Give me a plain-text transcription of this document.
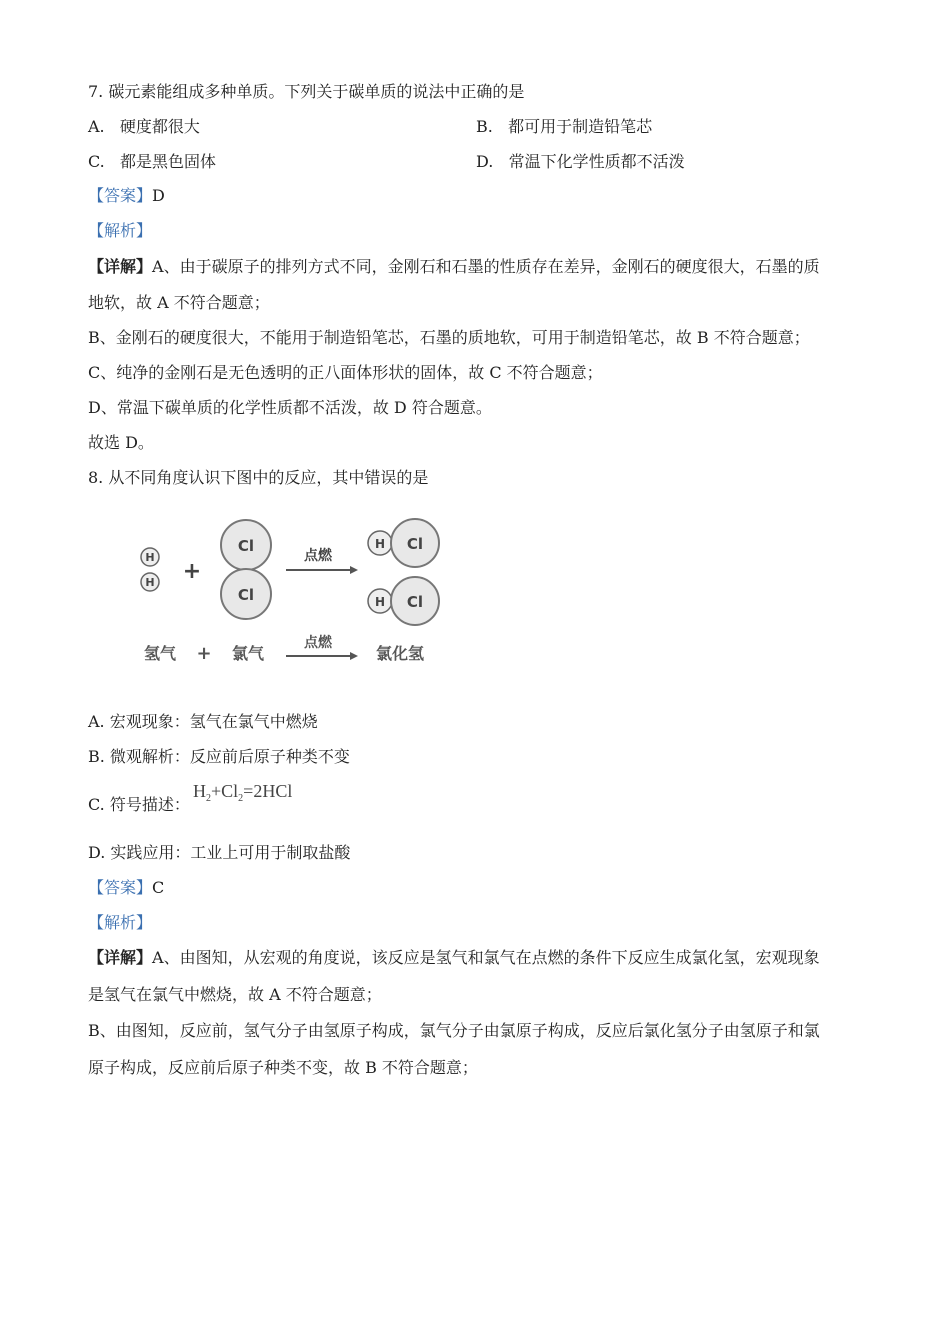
7. 碳元素能组成多种单质。下列关于碳单质的说法中正确的是
A. 硬度都很大	B. 都可用于制造铅笔芯
C. 都是黑色固体	D. 常温下化学性质都不活泼
【答案】D
【解析】
【详解】A、由于碳原子的排列方式不同，金刚石和石墨的性质存在差异，金刚石的硬度很大，石墨的质
地软，故 A 不符合题意；
B、金刚石的硬度很大，不能用于制造铅笔芯，石墨的质地软，可用于制造铅笔芯，故 B 不符合题意；
C、纯净的金刚石是无色透明的正八面体形状的固体，故 C 不符合题意；
D、常温下碳单质的化学性质都不活泼，故 D 符合题意。
故选 D。
8. 从不同角度认识下图中的反应，其中错误的是
H
H +
Cl
Cl
点燃
H Cl
H Cl
氢气 + 氯气
点燃
氯化氢
A. 宏观现象：氢气在氯气中燃烧
B. 微观解析：反应前后原子种类不变
C. 符号描述：
$H_2+Cl_2=2HCl$
D. 实践应用：工业上可用于制取盐酸
【答案】C
【解析】
【详解】A、由图知，从宏观的角度说，该反应是氢气和氯气在点燃的条件下反应生成氯化氢，宏观现象
是氢气在氯气中燃烧，故 A 不符合题意；
B、由图知，反应前，氢气分子由氢原子构成，氯气分子由氯原子构成，反应后氯化氢分子由氢原子和氯
原子构成，反应前后原子种类不变，故 B 不符合题意；
